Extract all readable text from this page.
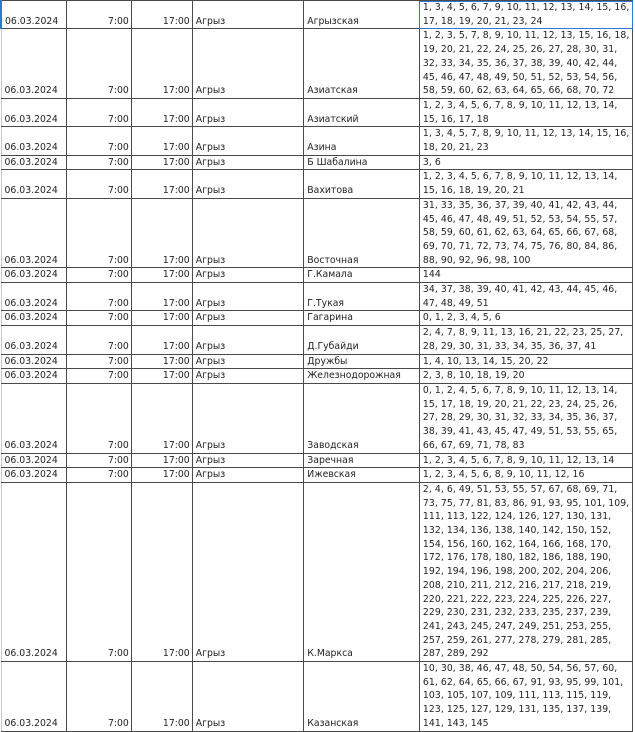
06.03.2024	7:00	17:00	Агрыз	Агрызская	1, 3, 4, 5, 6, 7, 9, 10, 11, 12, 13, 14, 15, 16, 17, 18, 19, 20, 21, 23, 24
06.03.2024	7:00	17:00	Агрыз	Азиатская	1, 2, 3, 5, 7, 8, 9, 10, 11, 12, 13, 15, 16, 18, 19, 20, 21, 22, 24, 25, 26, 27, 28, 30, 31, 32, 33, 34, 35, 36, 37, 38, 39, 40, 42, 44, 45, 46, 47, 48, 49, 50, 51, 52, 53, 54, 56, 58, 59, 60, 62, 63, 64, 65, 66, 68, 70, 72
06.03.2024	7:00	17:00	Агрыз	Азиатский	1, 2, 3, 4, 5, 6, 7, 8, 9, 10, 11, 12, 13, 14, 15, 16, 17, 18
06.03.2024	7:00	17:00	Агрыз	Азина	1, 3, 4, 5, 7, 8, 9, 10, 11, 12, 13, 14, 15, 16, 18, 20, 21, 23
06.03.2024	7:00	17:00	Агрыз	Б Шабалина	3, 6
06.03.2024	7:00	17:00	Агрыз	Вахитова	1, 2, 3, 4, 5, 6, 7, 8, 9, 10, 11, 12, 13, 14, 15, 16, 18, 19, 20, 21
06.03.2024	7:00	17:00	Агрыз	Восточная	31, 33, 35, 36, 37, 39, 40, 41, 42, 43, 44, 45, 46, 47, 48, 49, 51, 52, 53, 54, 55, 57, 58, 59, 60, 61, 62, 63, 64, 65, 66, 67, 68, 69, 70, 71, 72, 73, 74, 75, 76, 80, 84, 86, 88, 90, 92, 96, 98, 100
06.03.2024	7:00	17:00	Агрыз	Г.Камала	144
06.03.2024	7:00	17:00	Агрыз	Г.Тукая	34, 37, 38, 39, 40, 41, 42, 43, 44, 45, 46, 47, 48, 49, 51
06.03.2024	7:00	17:00	Агрыз	Гагарина	0, 1, 2, 3, 4, 5, 6
06.03.2024	7:00	17:00	Агрыз	Д.Губайди	2, 4, 7, 8, 9, 11, 13, 16, 21, 22, 23, 25, 27, 28, 29, 30, 31, 33, 34, 35, 36, 37, 41
06.03.2024	7:00	17:00	Агрыз	Дружбы	1, 4, 10, 13, 14, 15, 20, 22
06.03.2024	7:00	17:00	Агрыз	Железнодорожная	2, 3, 8, 10, 18, 19, 20
06.03.2024	7:00	17:00	Агрыз	Заводская	0, 1, 2, 4, 5, 6, 7, 8, 9, 10, 11, 12, 13, 14, 15, 17, 18, 19, 20, 21, 22, 23, 24, 25, 26, 27, 28, 29, 30, 31, 32, 33, 34, 35, 36, 37, 38, 39, 41, 43, 45, 47, 49, 51, 53, 55, 65, 66, 67, 69, 71, 78, 83
06.03.2024	7:00	17:00	Агрыз	Заречная	1, 2, 3, 4, 5, 6, 7, 8, 9, 10, 11, 12, 13, 14
06.03.2024	7:00	17:00	Агрыз	Ижевская	1, 2, 3, 4, 5, 6, 8, 9, 10, 11, 12, 16
06.03.2024	7:00	17:00	Агрыз	К.Маркса	2, 4, 6, 49, 51, 53, 55, 57, 67, 68, 69, 71, 73, 75, 77, 81, 83, 86, 91, 93, 95, 101, 109, 111, 113, 122, 124, 126, 127, 130, 131, 132, 134, 136, 138, 140, 142, 150, 152, 154, 156, 160, 162, 164, 166, 168, 170, 172, 176, 178, 180, 182, 186, 188, 190, 192, 194, 196, 198, 200, 202, 204, 206, 208, 210, 211, 212, 216, 217, 218, 219, 220, 221, 222, 223, 224, 225, 226, 227, 229, 230, 231, 232, 233, 235, 237, 239, 241, 243, 245, 247, 249, 251, 253, 255, 257, 259, 261, 277, 278, 279, 281, 285, 287, 289, 292
06.03.2024	7:00	17:00	Агрыз	Казанская	10, 30, 38, 46, 47, 48, 50, 54, 56, 57, 60, 61, 62, 64, 65, 66, 67, 91, 93, 95, 99, 101, 103, 105, 107, 109, 111, 113, 115, 119, 123, 125, 127, 129, 131, 135, 137, 139, 141, 143, 145
